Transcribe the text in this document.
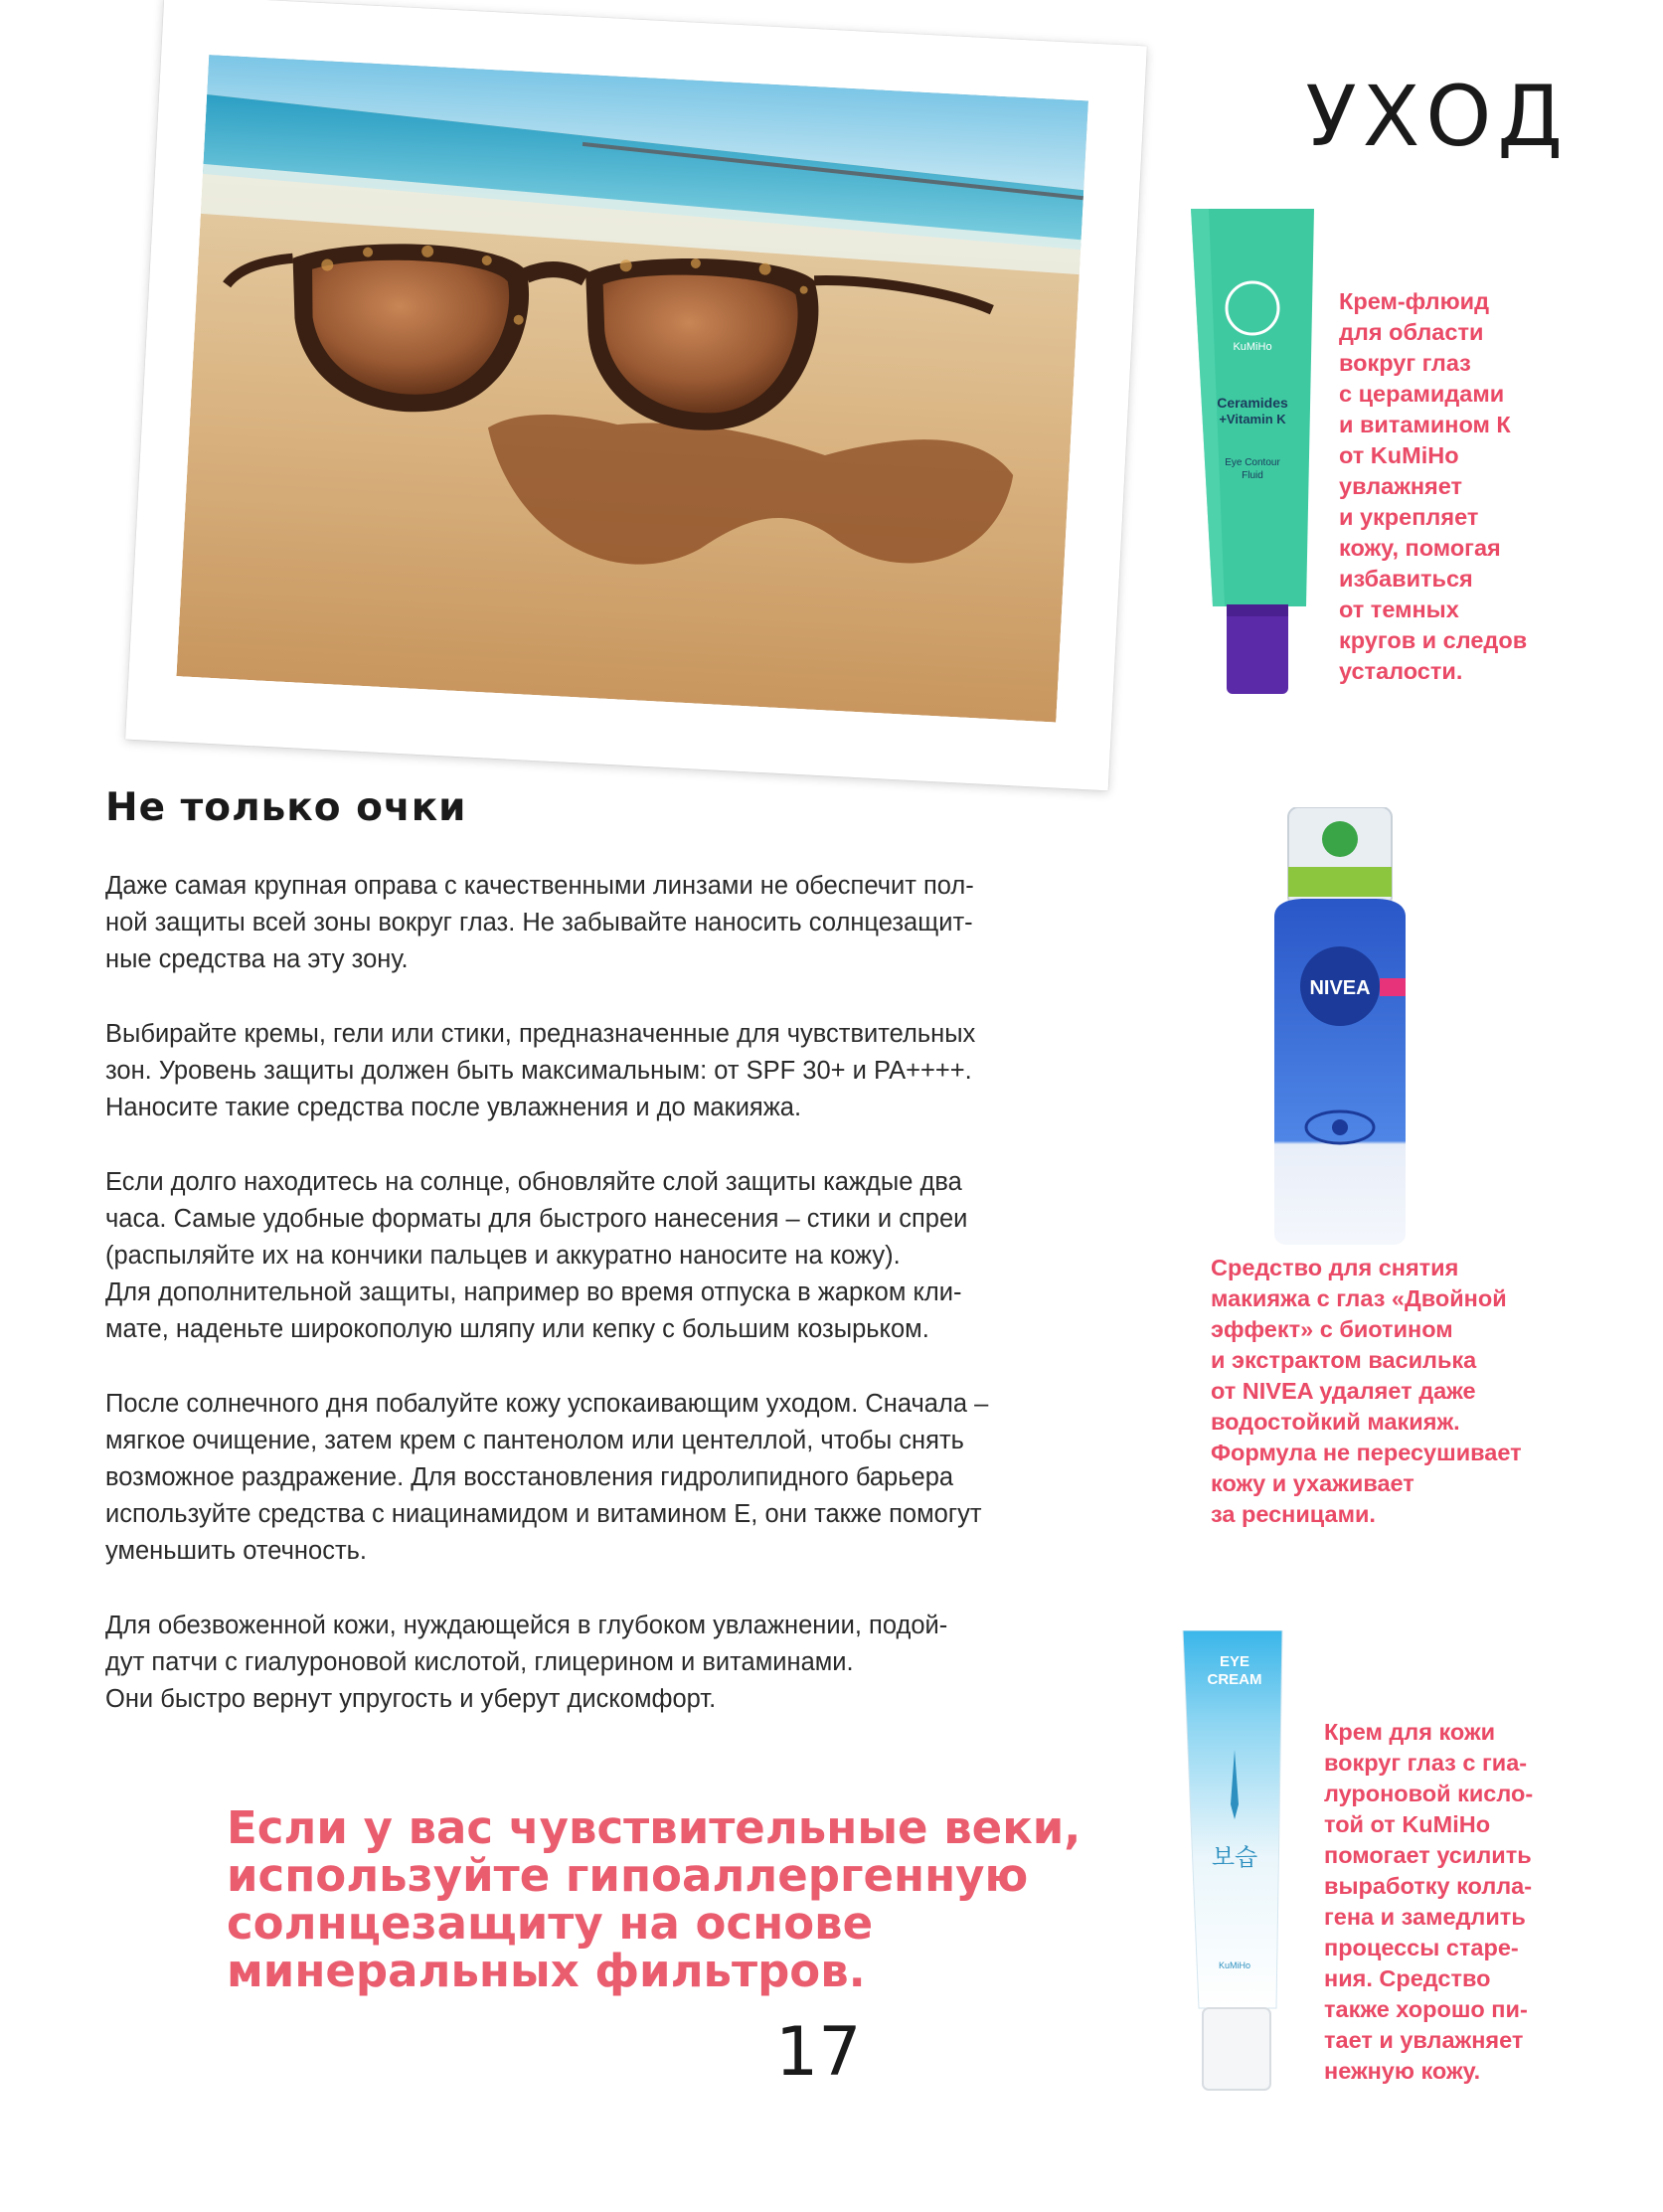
УХОД
KuMiHo
Ceramides
+Vitamin K
Eye Contour
Fluid
Крем-флюид
для области
вокруг глаз
с церамидами
и витамином К
от KuMiHo
увлажняет
и укрепляет
кожу, помогая
избавиться
от темных
кругов и следов
усталости.
Не только очки

Даже самая крупная оправа с качественными линзами не обеспечит пол-
ной защиты всей зоны вокруг глаз. Не забывайте наносить солнцезащит-
ные средства на эту зону.

Выбирайте кремы, гели или стики, предназначенные для чувствительных
зон. Уровень защиты должен быть максимальным: от SPF 30+ и PA++++.
Наносите такие средства после увлажнения и до макияжа.

Если долго находитесь на солнце, обновляйте слой защиты каждые два
часа. Самые удобные форматы для быстрого нанесения – стики и спреи
(распыляйте их на кончики пальцев и аккуратно наносите на кожу).
Для дополнительной защиты, например во время отпуска в жарком кли-
мате, наденьте широкополую шляпу или кепку с большим козырьком.

После солнечного дня побалуйте кожу успокаивающим уходом. Сначала –
мягкое очищение, затем крем с пантенолом или центеллой, чтобы снять
возможное раздражение. Для восстановления гидролипидного барьера
используйте средства с ниацинамидом и витамином Е, они также помогут
уменьшить отечность.

Для обезвоженной кожи, нуждающейся в глубоком увлажнении, подой-
дут патчи с гиалуроновой кислотой, глицерином и витаминами.
Они быстро вернут упругость и уберут дискомфорт.

NIVEA
Средство для снятия
макияжа с глаз «Двойной
эффект» с биотином
и экстрактом василька
от NIVEA удаляет даже
водостойкий макияж.
Формула не пересушивает
кожу и ухаживает
за ресницами.
EYE
CREAM
보습
KuMiHo
Крем для кожи
вокруг глаз с гиа-
луроновой кисло-
той от KuMiHo
помогает усилить
выработку колла-
гена и замедлить
процессы старе-
ния. Средство
также хорошо пи-
тает и увлажняет
нежную кожу.
Если у вас чувствительные веки,
используйте гипоаллергенную
солнцезащиту на основе
минеральных фильтров.
17
